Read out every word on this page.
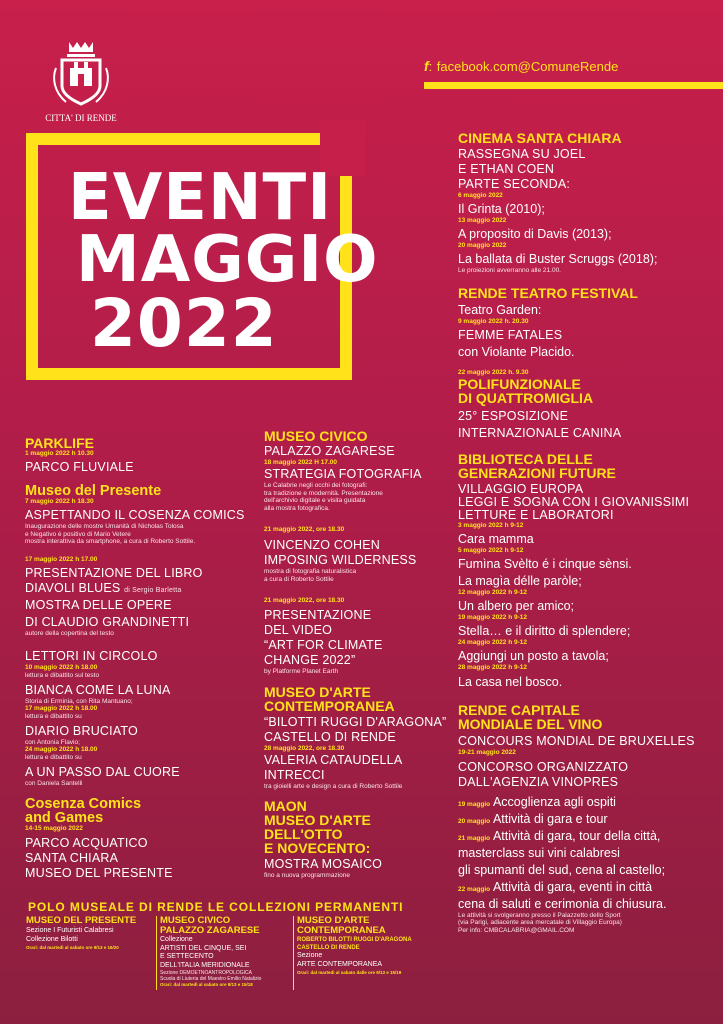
CITTA' DI RENDE
f: facebook.com@ComuneRende
EVENTI
MAGGIO
2022
PARKLIFE
1 maggio 2022 h 10.30
PARCO FLUVIALE
Museo del Presente
7 maggio 2022 h 18.30
ASPETTANDO IL COSENZA COMICS
Inaugurazione delle mostre Umanità di Nicholas Tolosa
e Negativo è positivo di Mario Vetere
mostra interattiva da smartphone, a cura di Roberto Sottile.
17 maggio 2022 h 17.00
PRESENTAZIONE DEL LIBRO
DIAVOLI BLUES di Sergio Barletta
MOSTRA DELLE OPERE
DI CLAUDIO GRANDINETTI
autore della copertina del testo
LETTORI IN CIRCOLO
10 maggio 2022 h 18.00
lettura e dibattito sul testo
BIANCA COME LA LUNA
Storia di Erminia, con Rita Mantuano;
17 maggio 2022 h 18.00
lettura e dibattito su
DIARIO BRUCIATO
con Antonia Flavio;
24 maggio 2022 h 18.00
lettura e dibattito su
A UN PASSO DAL CUORE
con Daniela Santelli
Cosenza Comics
and Games
14-15 maggio 2022
PARCO ACQUATICO
SANTA CHIARA
MUSEO DEL PRESENTE
MUSEO CIVICO
PALAZZO ZAGARESE
18 maggio 2022 H 17.00
STRATEGIA FOTOGRAFIA
Le Calabrie negli occhi dei fotografi:
tra tradizione e modernità. Presentazione
dell'archivio digitale e visita guidata
alla mostra fotografica.
21 maggio 2022, ore 18.30
VINCENZO COHEN
IMPOSING WILDERNESS
mostra di fotografia naturalistica
a cura di Roberto Sottile
21 maggio 2022, ore 18.30
PRESENTAZIONE
DEL VIDEO
“ART FOR CLIMATE
CHANGE 2022”
by Platforme Planet Earth
MUSEO D'ARTE
CONTEMPORANEA
“BILOTTI RUGGI D'ARAGONA”
CASTELLO DI RENDE
28 maggio 2022, ore 18.30
VALERIA CATAUDELLA
INTRECCI
tra gioielli arte e design a cura di Roberto Sottile
MAON
MUSEO D'ARTE
DELL'OTTO
E NOVECENTO:
MOSTRA MOSAICO
fino a nuova programmazione
CINEMA SANTA CHIARA
RASSEGNA SU JOEL
E ETHAN COEN
PARTE SECONDA:
6 maggio 2022
Il Grinta (2010);
13 maggio 2022
A proposito di Davis (2013);
20 maggio 2022
La ballata di Buster Scruggs (2018);
Le proiezioni avverranno alle 21.00.
RENDE TEATRO FESTIVAL
Teatro Garden:
9 maggio 2022 h. 20.30
FEMME FATALES
con Violante Placido.
22 maggio 2022 h. 9.30
POLIFUNZIONALE
DI QUATTROMIGLIA
25° ESPOSIZIONE
INTERNAZIONALE CANINA
BIBLIOTECA DELLE
GENERAZIONI FUTURE
VILLAGGIO EUROPA
LEGGI E SOGNA CON I GIOVANISSIMI
LETTURE E LABORATORI
3 maggio 2022 h 9-12
Cara mamma
5 maggio 2022 h 9-12
Fumìna Svèlto é i cinque sènsi.
La magìa délle paròle;
12 maggio 2022 h 9-12
Un albero per amico;
19 maggio 2022 h 9-12
Stella… e il diritto di splendere;
24 maggio 2022 h 9-12
Aggiungi un posto a tavola;
28 maggio 2022 h 9-12
La casa nel bosco.
RENDE CAPITALE
MONDIALE DEL VINO
CONCOURS MONDIAL DE BRUXELLES
19-21 maggio 2022
CONCORSO ORGANIZZATO
DALL'AGENZIA VINOPRES
19 maggio Accoglienza agli ospiti
20 maggio Attività di gara e tour
21 maggio Attività di gara, tour della città,
masterclass sui vini calabresi
gli spumanti del sud, cena al castello;
22 maggio Attività di gara, eventi in città
cena di saluti e cerimonia di chiusura.
Le attività si svolgeranno presso il Palazzetto dello Sport
(via Parigi, adiacente area mercatale di Villaggio Europa)
Per info: CMBCALABRIA@GMAIL.COM
POLO MUSEALE DI RENDE LE COLLEZIONI PERMANENTI
MUSEO DEL PRESENTE
Sezione I Futuristi Calabresi
Collezione Bilotti
Orari: dal martedì al sabato ore 9/13 e 16/20
MUSEO CIVICO
PALAZZO ZAGARESE
Collezione
ARTISTI DEL CINQUE, SEI
E SETTECENTO
DELL'ITALIA MERIDIONALE
Sezione DEMOETNOANTROPOLOGICA
Scuola di Liuteria del Maestro Emilio Natalizio
Orari: dal martedì al sabato ore 9/13 e 15/18
MUSEO D'ARTE
CONTEMPORANEA
ROBERTO BILOTTI RUGGI D'ARAGONA
CASTELLO DI RENDE
Sezione
ARTE CONTEMPORANEA
Orari: dal martedì al sabato dalle ore 9/13 e 15/19
